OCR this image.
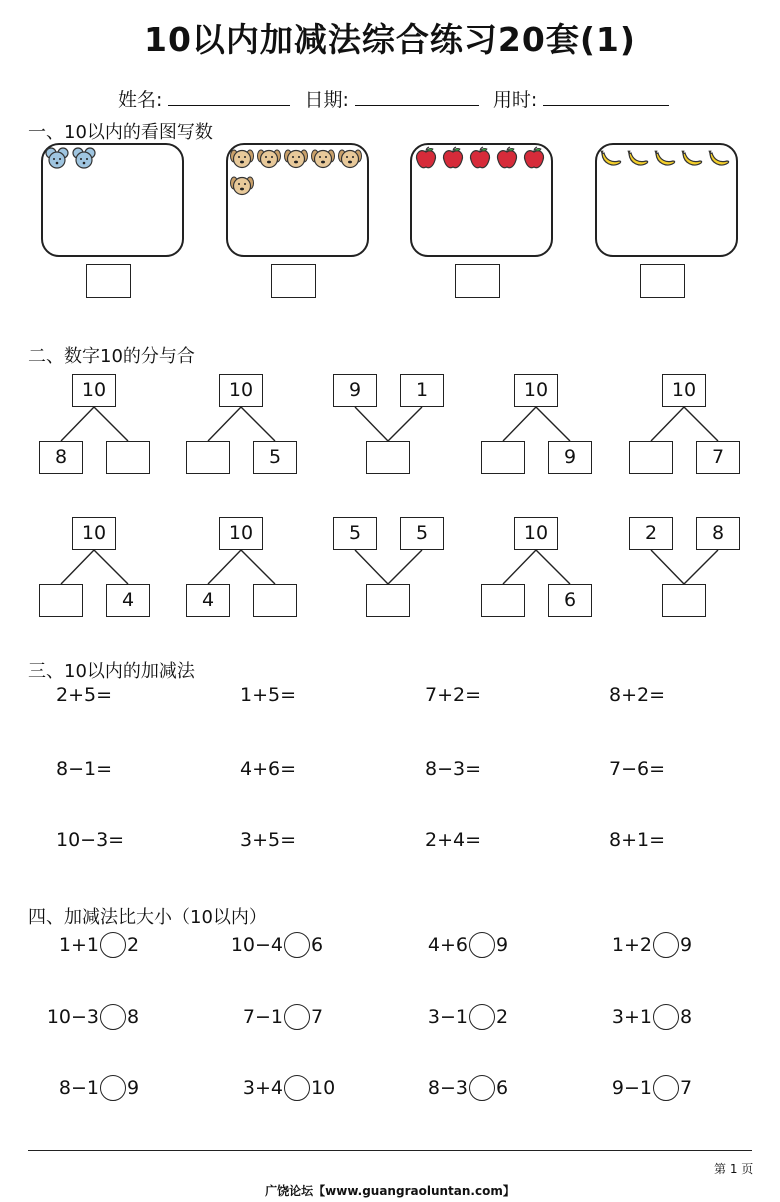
10以内加减法综合练习20套(1)
姓名:	日期:	用时:
一、10以内的看图写数
二、数字10的分与合
10
8
10
5
9	1	10
9
10
7
10
4
10
4
5	5	10
6
2	8
三、10以内的加减法
2+5=	1+5=	7+2=	8+2=
8−1=	4+6=	8−3=	7−6=
10−3=	3+5=	2+4=	8+1=
四、加减法比大小（10以内）
1+1 2	10−4 6	4+6 9	1+2 9
10−3 8	7−1 7	3−1 2	3+1 8
8−1 9	3+4 10	8−3 6	9−1 7
第 1 页
广饶论坛【www.guangraoluntan.com】
